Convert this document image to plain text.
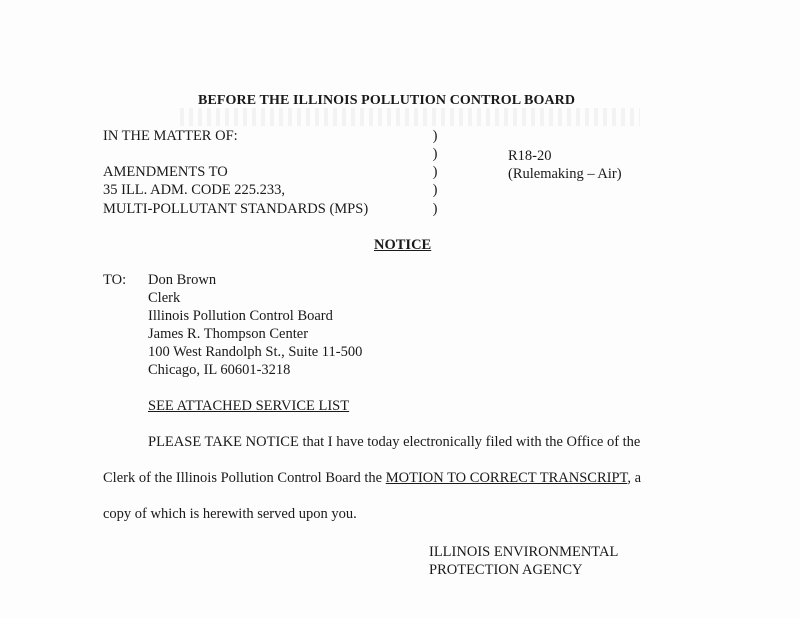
BEFORE THE ILLINOIS POLLUTION CONTROL BOARD
IN THE MATTER OF:
AMENDMENTS TO
35 ILL. ADM. CODE 225.233,
MULTI-POLLUTANT STANDARDS (MPS)
)
)
)
)
)
R18-20
(Rulemaking – Air)
NOTICE
TO: Don Brown
Clerk
Illinois Pollution Control Board
James R. Thompson Center
100 West Randolph St., Suite 11-500
Chicago, IL 60601-3218
SEE ATTACHED SERVICE LIST
PLEASE TAKE NOTICE that I have today electronically filed with the Office of the
Clerk of the Illinois Pollution Control Board the MOTION TO CORRECT TRANSCRIPT, a
copy of which is herewith served upon you.
ILLINOIS ENVIRONMENTAL
PROTECTION AGENCY
